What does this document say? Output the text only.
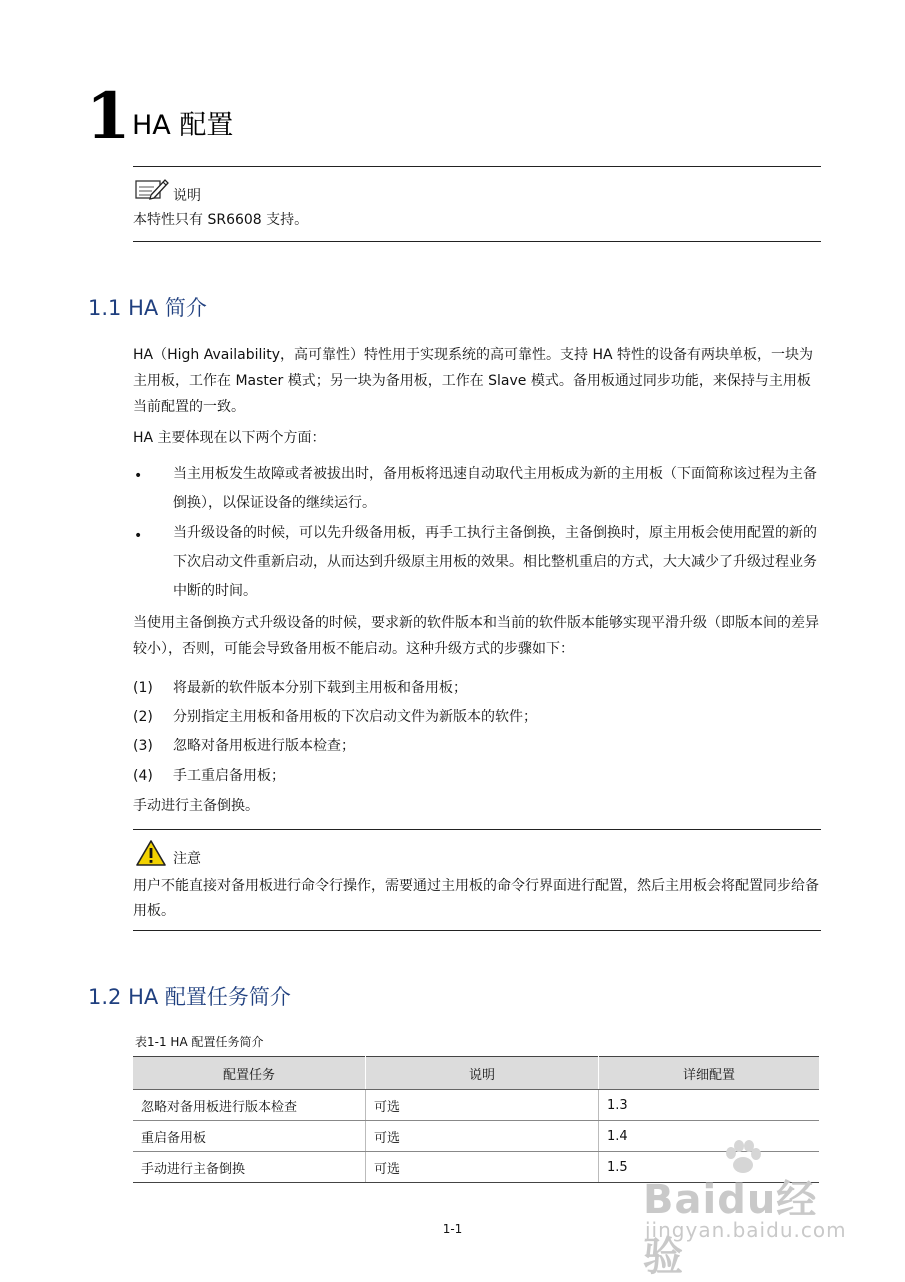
1 HA 配置
说明
本特性只有 SR6608 支持。
1.1 HA 简介
HA（High Availability，高可靠性）特性用于实现系统的高可靠性。支持 HA 特性的设备有两块单板，一块为主用板，工作在 Master 模式；另一块为备用板，工作在 Slave 模式。备用板通过同步功能，来保持与主用板当前配置的一致。
HA 主要体现在以下两个方面：
• 当主用板发生故障或者被拔出时，备用板将迅速自动取代主用板成为新的主用板（下面简称该过程为主备倒换），以保证设备的继续运行。
• 当升级设备的时候，可以先升级备用板，再手工执行主备倒换，主备倒换时，原主用板会使用配置的新的下次启动文件重新启动，从而达到升级原主用板的效果。相比整机重启的方式，大大减少了升级过程业务中断的时间。
当使用主备倒换方式升级设备的时候，要求新的软件版本和当前的软件版本能够实现平滑升级（即版本间的差异较小），否则，可能会导致备用板不能启动。这种升级方式的步骤如下：
(1) 将最新的软件版本分别下载到主用板和备用板；
(2) 分别指定主用板和备用板的下次启动文件为新版本的软件；
(3) 忽略对备用板进行版本检查；
(4) 手工重启备用板；
手动进行主备倒换。
注意
用户不能直接对备用板进行命令行操作，需要通过主用板的命令行界面进行配置，然后主用板会将配置同步给备用板。
1.2 HA 配置任务简介
表1-1 HA 配置任务简介
配置任务	说明	详细配置
忽略对备用板进行版本检查	可选	1.3
重启备用板	可选	1.4
手动进行主备倒换	可选	1.5
1-1
Baidu经验
jingyan.baidu.com
